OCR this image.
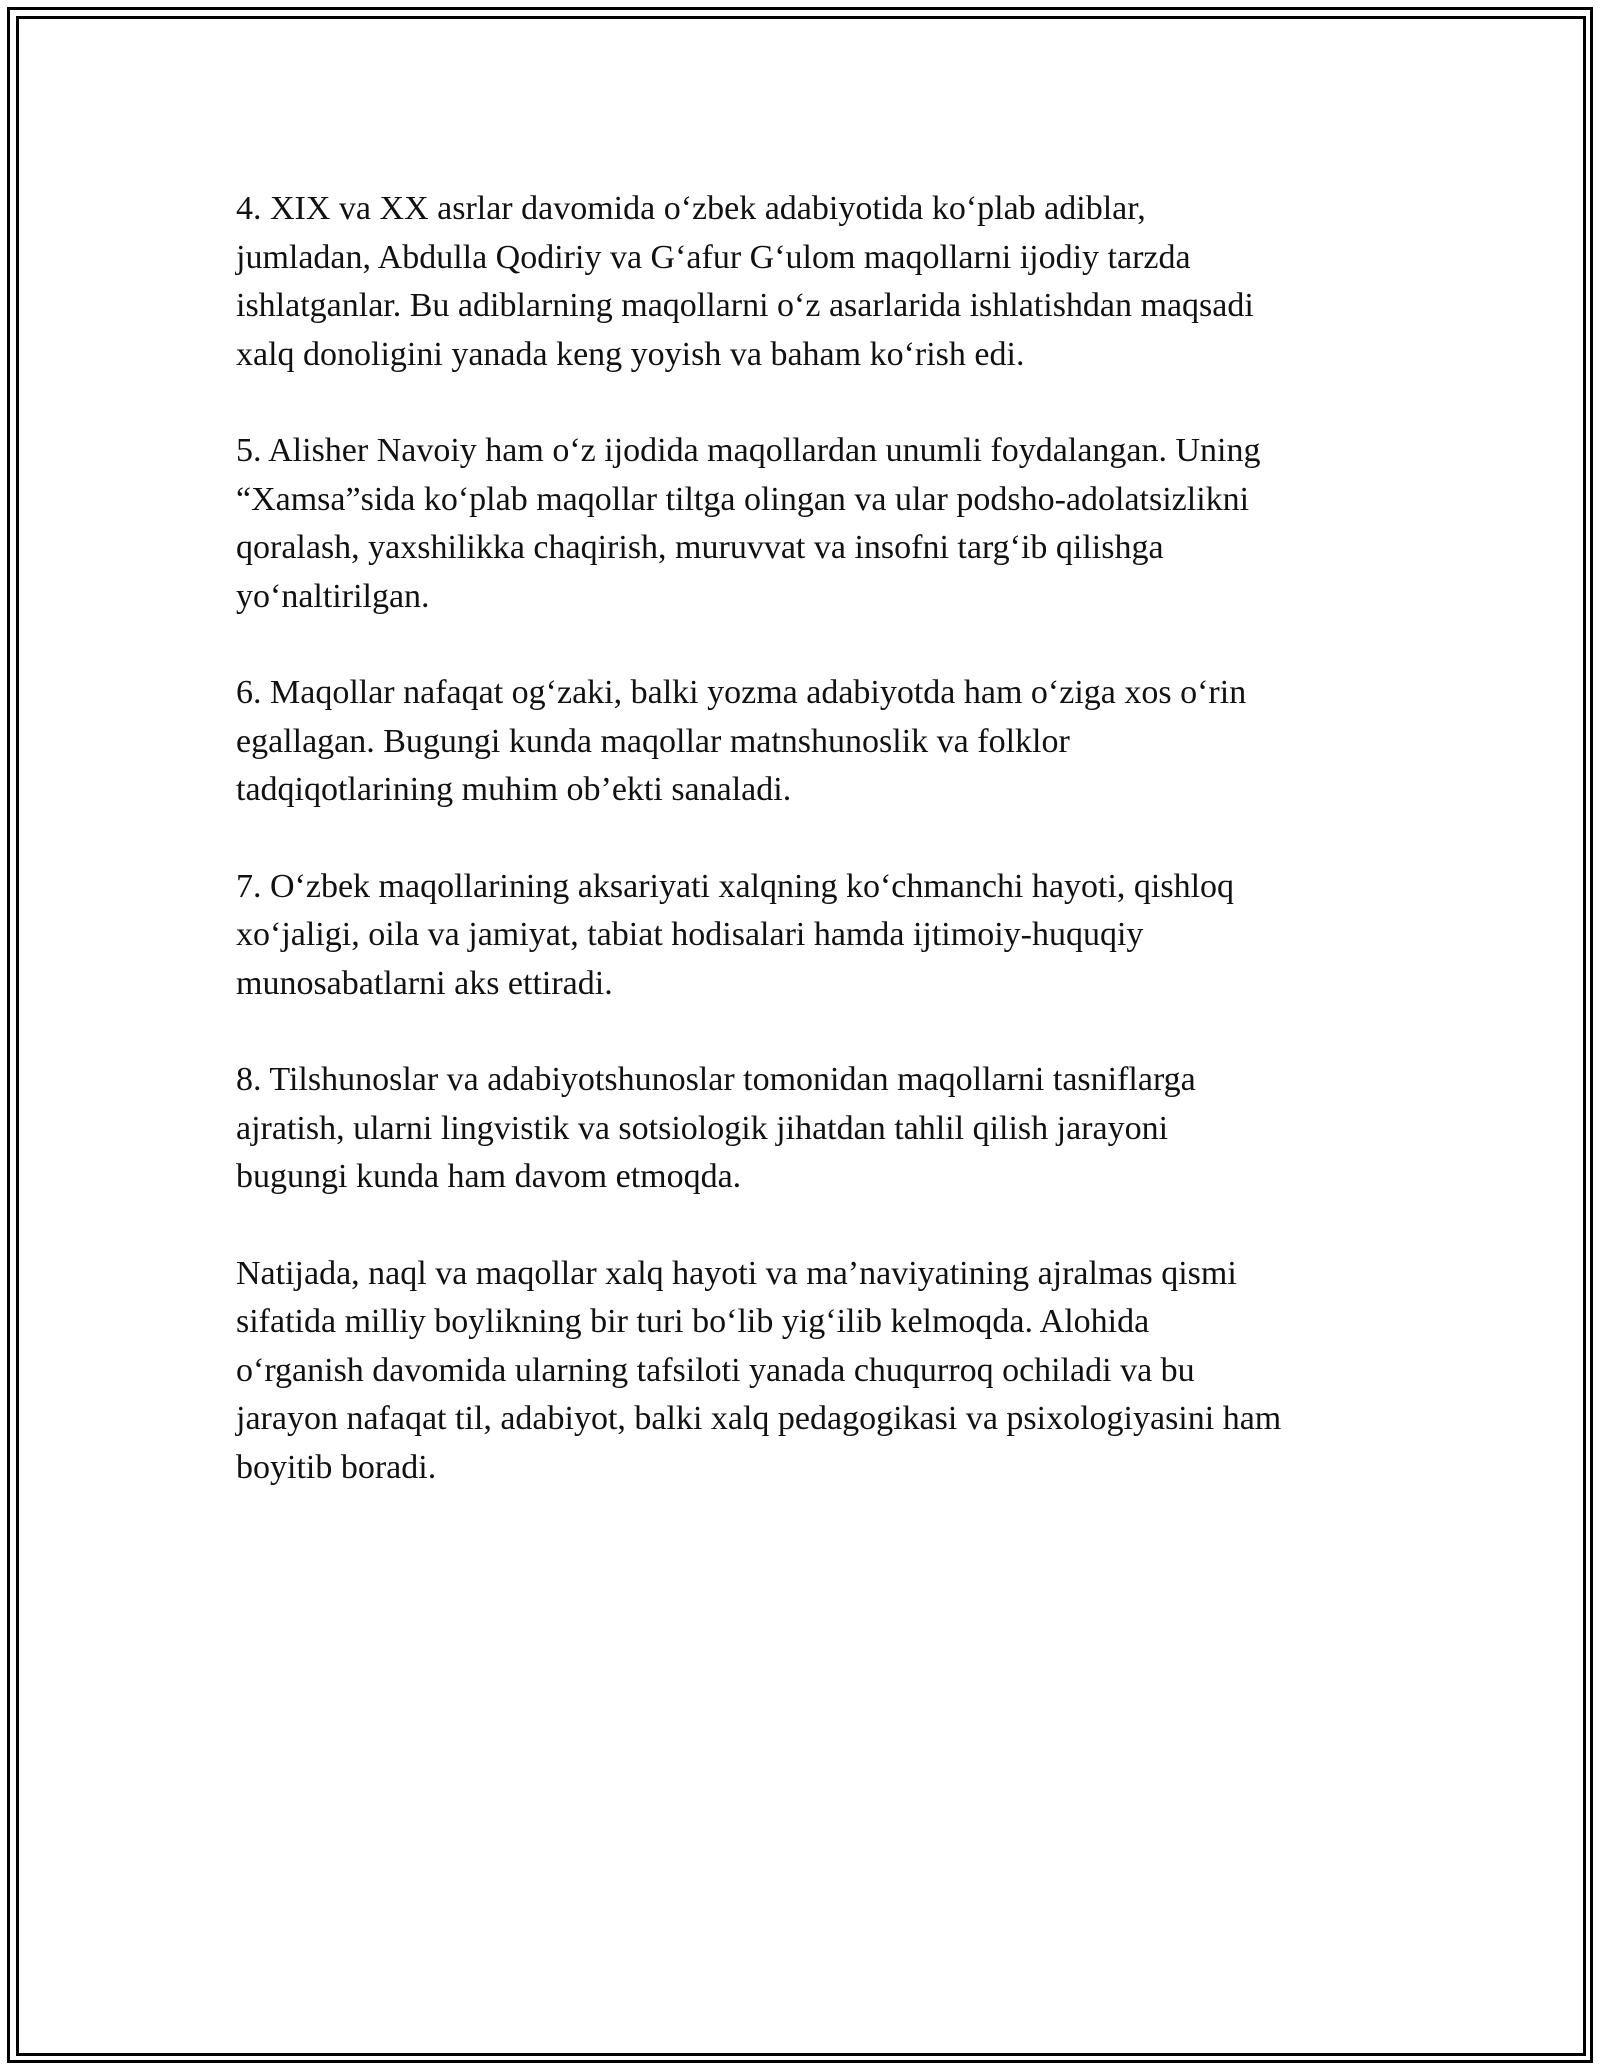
4. XIX va XX asrlar davomida o‘zbek adabiyotida ko‘plab adiblar,
jumladan, Abdulla Qodiriy va G‘afur G‘ulom maqollarni ijodiy tarzda
ishlatganlar. Bu adiblarning maqollarni o‘z asarlarida ishlatishdan maqsadi
xalq donoligini yanada keng yoyish va baham ko‘rish edi.

5. Alisher Navoiy ham o‘z ijodida maqollardan unumli foydalangan. Uning
“Xamsa”sida ko‘plab maqollar tiltga olingan va ular podsho-adolatsizlikni
qoralash, yaxshilikka chaqirish, muruvvat va insofni targ‘ib qilishga
yo‘naltirilgan.

6. Maqollar nafaqat og‘zaki, balki yozma adabiyotda ham o‘ziga xos o‘rin
egallagan. Bugungi kunda maqollar matnshunoslik va folklor
tadqiqotlarining muhim ob’ekti sanaladi.

7. O‘zbek maqollarining aksariyati xalqning ko‘chmanchi hayoti, qishloq
xo‘jaligi, oila va jamiyat, tabiat hodisalari hamda ijtimoiy-huquqiy
munosabatlarni aks ettiradi.

8. Tilshunoslar va adabiyotshunoslar tomonidan maqollarni tasniflarga
ajratish, ularni lingvistik va sotsiologik jihatdan tahlil qilish jarayoni
bugungi kunda ham davom etmoqda.

Natijada, naql va maqollar xalq hayoti va ma’naviyatining ajralmas qismi
sifatida milliy boylikning bir turi bo‘lib yig‘ilib kelmoqda. Alohida
o‘rganish davomida ularning tafsiloti yanada chuqurroq ochiladi va bu
jarayon nafaqat til, adabiyot, balki xalq pedagogikasi va psixologiyasini ham
boyitib boradi.
